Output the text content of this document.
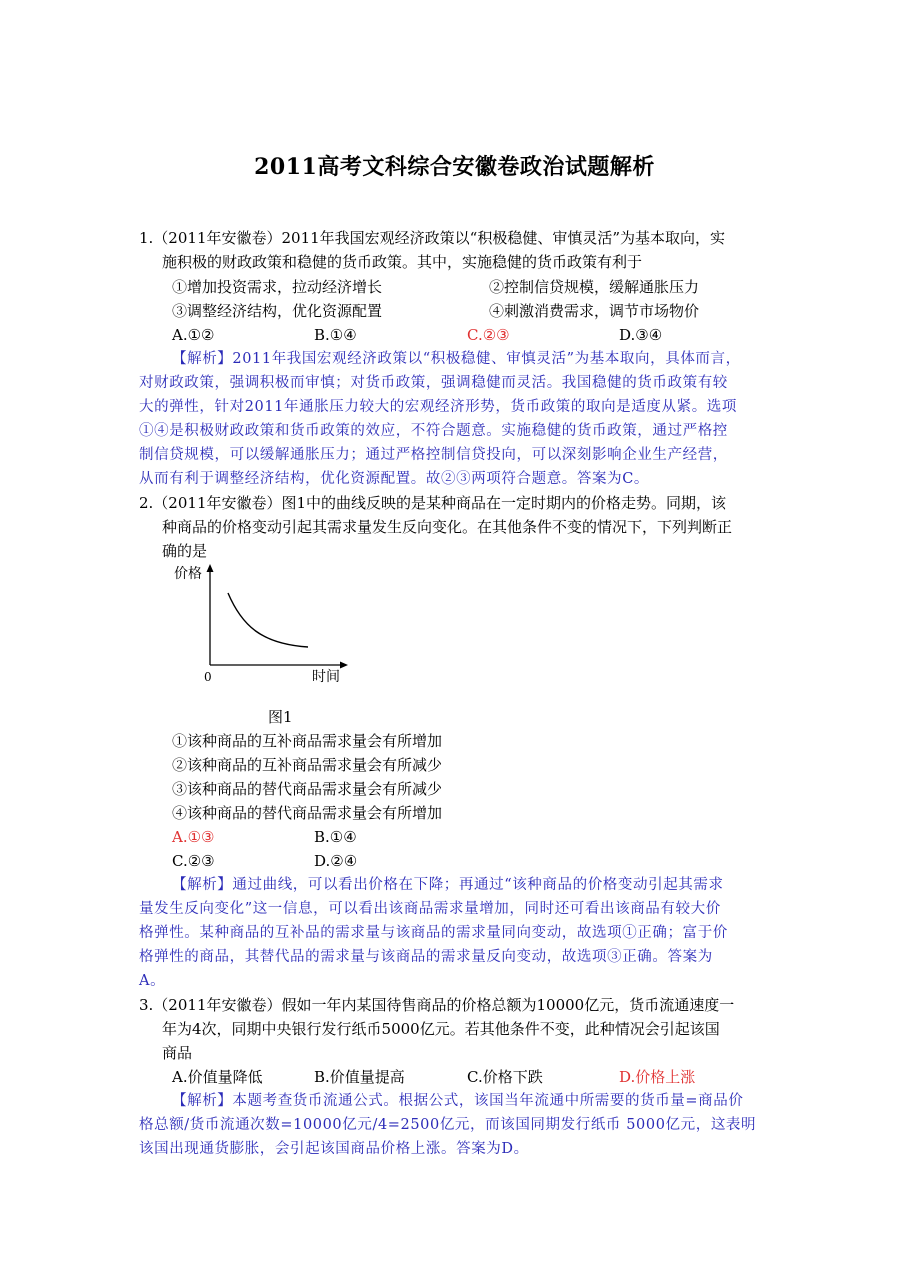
2011高考文科综合安徽卷政治试题解析
1.（2011年安徽卷）2011年我国宏观经济政策以“积极稳健、审慎灵活”为基本取向，实
施积极的财政政策和稳健的货币政策。其中，实施稳健的货币政策有利于
①增加投资需求，拉动经济增长	②控制信贷规模，缓解通胀压力
③调整经济结构，优化资源配置	④刺激消费需求，调节市场物价
A.①②	B.①④	C.②③	D.③④
【解析】2011年我国宏观经济政策以“积极稳健、审慎灵活”为基本取向，具体而言，
对财政政策，强调积极而审慎；对货币政策，强调稳健而灵活。我国稳健的货币政策有较
大的弹性，针对2011年通胀压力较大的宏观经济形势，货币政策的取向是适度从紧。选项
①④是积极财政政策和货币政策的效应，不符合题意。实施稳健的货币政策，通过严格控
制信贷规模，可以缓解通胀压力；通过严格控制信贷投向，可以深刻影响企业生产经营，
从而有利于调整经济结构，优化资源配置。故②③两项符合题意。答案为C。
2.（2011年安徽卷）图1中的曲线反映的是某种商品在一定时期内的价格走势。同期，该
种商品的价格变动引起其需求量发生反向变化。在其他条件不变的情况下，下列判断正
确的是
价格
0	时间
图1
①该种商品的互补商品需求量会有所增加
②该种商品的互补商品需求量会有所减少
③该种商品的替代商品需求量会有所减少
④该种商品的替代商品需求量会有所增加
A.①③	B.①④
C.②③	D.②④
【解析】通过曲线，可以看出价格在下降；再通过“该种商品的价格变动引起其需求
量发生反向变化”这一信息，可以看出该商品需求量增加，同时还可看出该商品有较大价
格弹性。某种商品的互补品的需求量与该商品的需求量同向变动，故选项①正确；富于价
格弹性的商品，其替代品的需求量与该商品的需求量反向变动，故选项③正确。答案为
A。
3.（2011年安徽卷）假如一年内某国待售商品的价格总额为10000亿元，货币流通速度一
年为4次，同期中央银行发行纸币5000亿元。若其他条件不变，此种情况会引起该国
商品
A.价值量降低	B.价值量提高	C.价格下跌	D.价格上涨
【解析】本题考查货币流通公式。根据公式，该国当年流通中所需要的货币量=商品价
格总额/货币流通次数=10000亿元/4=2500亿元，而该国同期发行纸币 5000亿元，这表明
该国出现通货膨胀，会引起该国商品价格上涨。答案为D。
